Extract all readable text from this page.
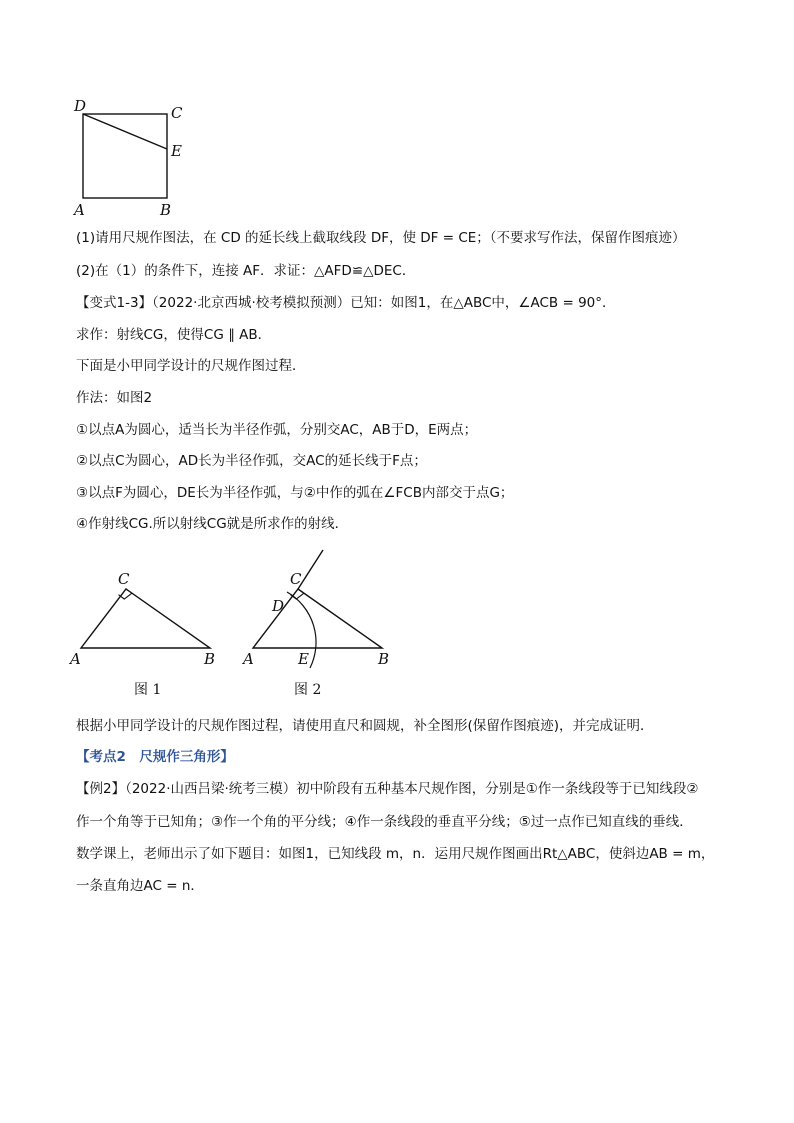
D	C
E
A	B
(1)请用尺规作图法，在 CD 的延长线上截取线段 DF，使 DF = CE；（不要求写作法，保留作图痕迹）
(2)在（1）的条件下，连接 AF．求证：△AFD≌△DEC．
【变式1-3】（2022·北京西城·校考模拟预测）已知：如图1，在△ABC中，∠ACB = 90°．
求作：射线CG，使得CG ∥ AB．
下面是小甲同学设计的尺规作图过程．
作法：如图2
①以点A为圆心，适当长为半径作弧，分别交AC，AB于D，E两点；
②以点C为圆心，AD长为半径作弧，交AC的延长线于F点；
③以点F为圆心，DE长为半径作弧，与②中作的弧在∠FCB内部交于点G；
④作射线CG.所以射线CG就是所求作的射线．
C
A	B
图 1
C
D
A	E	B
图 2
根据小甲同学设计的尺规作图过程，请使用直尺和圆规，补全图形(保留作图痕迹)，并完成证明．
【考点2　尺规作三角形】
【例2】（2022·山西吕梁·统考三模）初中阶段有五种基本尺规作图，分别是①作一条线段等于已知线段②
作一个角等于已知角；③作一个角的平分线；④作一条线段的垂直平分线；⑤过一点作已知直线的垂线．
数学课上，老师出示了如下题目：如图1，已知线段 m，n．运用尺规作图画出Rt△ABC，使斜边AB = m，
一条直角边AC = n．
